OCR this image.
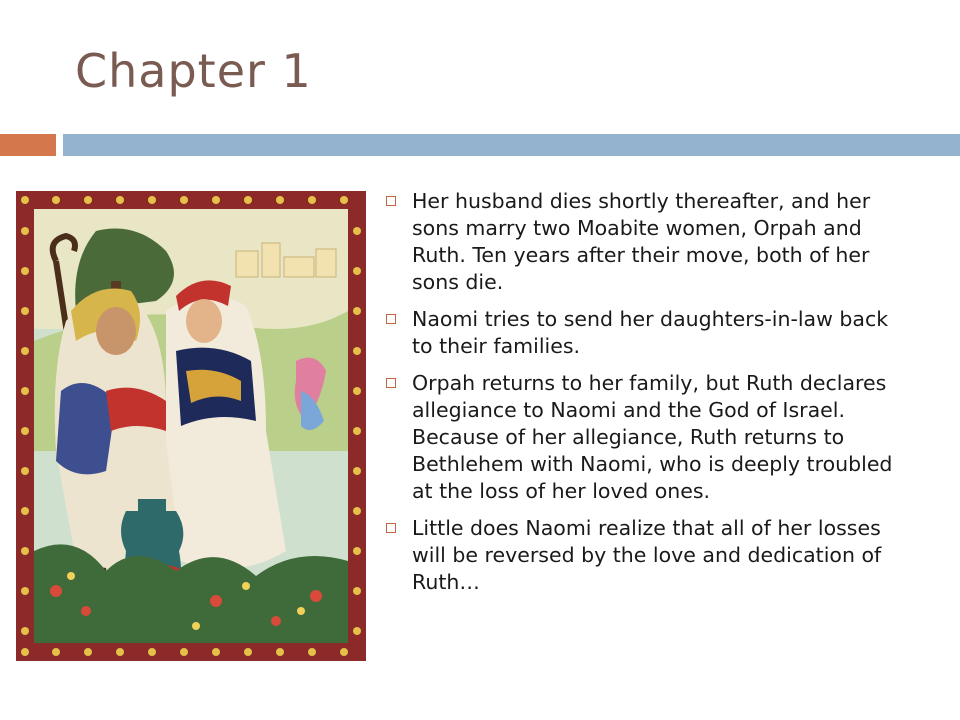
Chapter 1
Her husband dies shortly thereafter, and her sons marry two Moabite women, Orpah and Ruth. Ten years after their move, both of her sons die.
Naomi tries to send her daughters-in-law back to their families.
Orpah returns to her family, but Ruth declares allegiance to Naomi and the God of Israel. Because of her allegiance, Ruth returns to Bethlehem with Naomi, who is deeply troubled at the loss of her loved ones.
Little does Naomi realize that all of her losses will be reversed by the love and dedication of Ruth…
